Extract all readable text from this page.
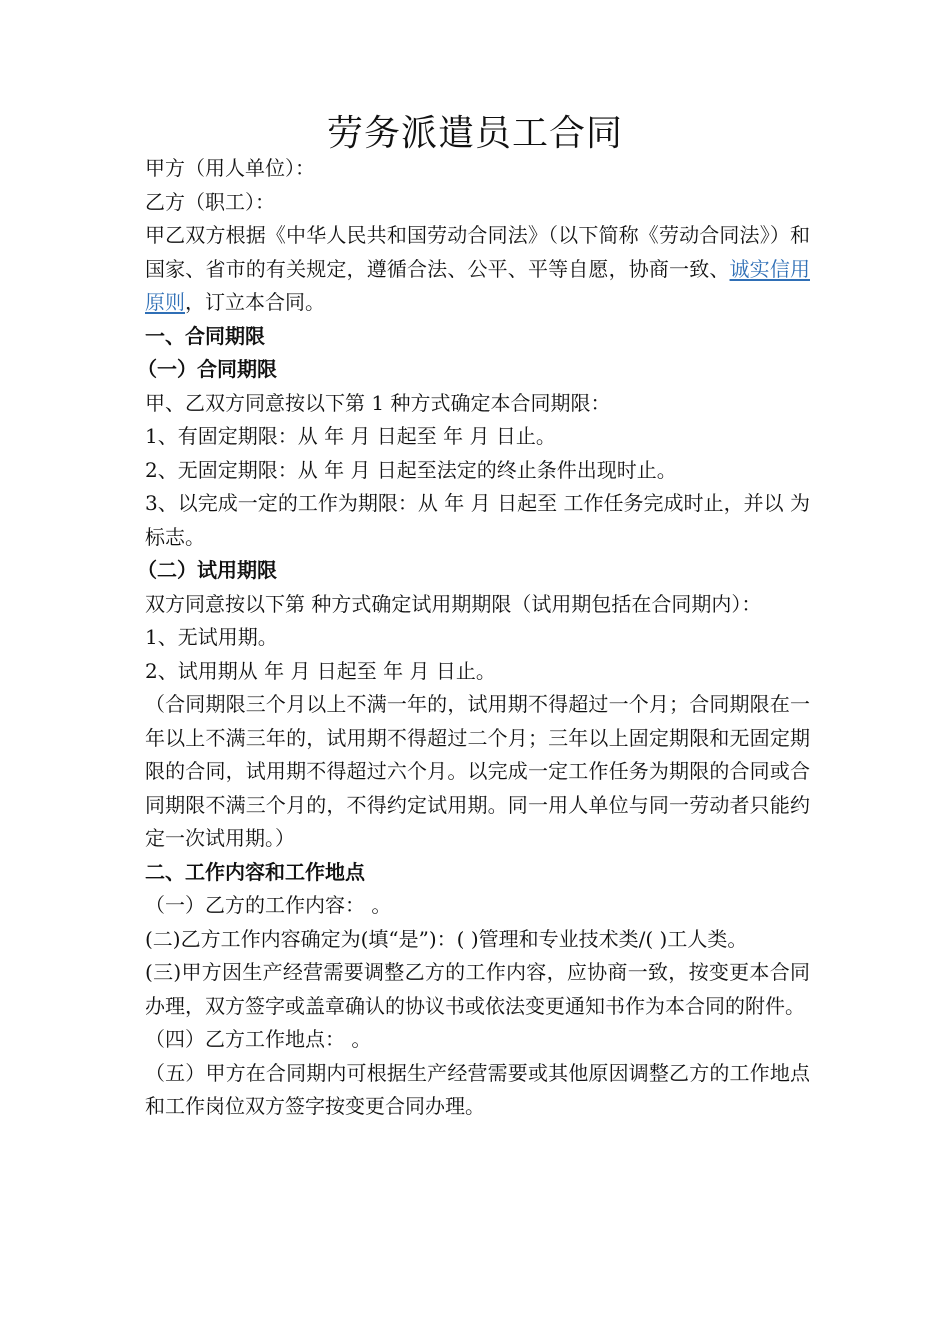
劳务派遣员工合同
甲方（用人单位）：
乙方（职工）：
甲乙双方根据《中华人民共和国劳动合同法》（以下简称《劳动合同法》）和国家、省市的有关规定，遵循合法、公平、平等自愿，协商一致、诚实信用原则，订立本合同。
一、合同期限
（一）合同期限
甲、乙双方同意按以下第 1 种方式确定本合同期限：
1、有固定期限：从 年 月 日起至 年 月 日止。
2、无固定期限：从 年 月 日起至法定的终止条件出现时止。
3、以完成一定的工作为期限：从 年 月 日起至 工作任务完成时止，并以 为标志。
（二）试用期限
双方同意按以下第 种方式确定试用期期限（试用期包括在合同期内）：
1、无试用期。
2、试用期从 年 月 日起至 年 月 日止。
（合同期限三个月以上不满一年的，试用期不得超过一个月；合同期限在一年以上不满三年的，试用期不得超过二个月；三年以上固定期限和无固定期限的合同，试用期不得超过六个月。以完成一定工作任务为期限的合同或合同期限不满三个月的，不得约定试用期。同一用人单位与同一劳动者只能约定一次试用期。）
二、工作内容和工作地点
（一）乙方的工作内容： 。
(二)乙方工作内容确定为(填“是”)：( )管理和专业技术类/( )工人类。
(三)甲方因生产经营需要调整乙方的工作内容，应协商一致，按变更本合同办理，双方签字或盖章确认的协议书或依法变更通知书作为本合同的附件。
（四）乙方工作地点： 。
（五）甲方在合同期内可根据生产经营需要或其他原因调整乙方的工作地点和工作岗位双方签字按变更合同办理。
